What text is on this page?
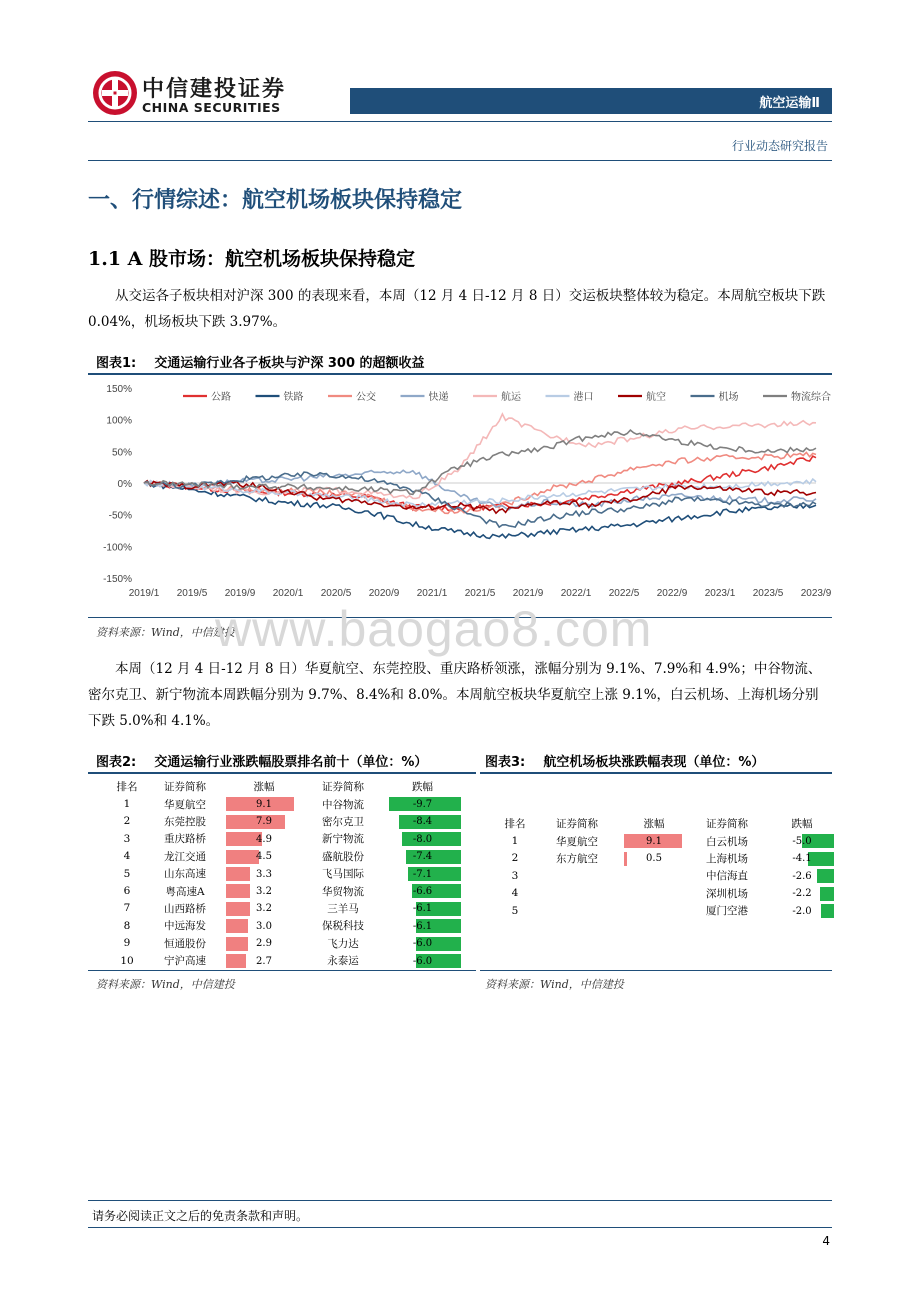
中信建投证券
CHINA SECURITIES	航空运输Ⅱ
行业动态研究报告
一、行情综述：航空机场板块保持稳定
1.1 A 股市场：航空机场板块保持稳定
从交运各子板块相对沪深 300 的表现来看，本周（12 月 4 日-12 月 8 日）交运板块整体较为稳定。本周航空板块下跌 0.04%，机场板块下跌 3.97%。
图表1: 交通运输行业各子板块与沪深 300 的超额收益
150%
100%
50%
0%
-50%
-100%
-150%
2019/1 2019/5 2019/9 2020/1 2020/5 2020/9 2021/1 2021/5 2021/9 2022/1 2022/5 2022/9 2023/1 2023/5 2023/9
公路	铁路	公交	快递	航运	港口	航空	机场	物流综合
资料来源：Wind，中信建投
www.baogao8.com
本周（12 月 4 日-12 月 8 日）华夏航空、东莞控股、重庆路桥领涨，涨幅分别为 9.1%、7.9%和 4.9%；中谷物流、密尔克卫、新宁物流本周跌幅分别为 9.7%、8.4%和 8.0%。本周航空板块华夏航空上涨 9.1%，白云机场、上海机场分别下跌 5.0%和 4.1%。
图表2: 交通运输行业涨跌幅股票排名前十（单位：%）
排名	证券简称	涨幅	证券简称	跌幅
1	华夏航空	9.1	中谷物流	-9.7
2	东莞控股	7.9	密尔克卫	-8.4
3	重庆路桥	4.9	新宁物流	-8.0
4	龙江交通	4.5	盛航股份	-7.4
5	山东高速	3.3	飞马国际	-7.1
6	粤高速A	3.2	华贸物流	-6.6
7	山西路桥	3.2	三羊马	-6.1
8	中远海发	3.0	保税科技	-6.1
9	恒通股份	2.9	飞力达	-6.0
10	宁沪高速	2.7	永泰运	-6.0
资料来源：Wind，中信建投
图表3: 航空机场板块涨跌幅表现（单位：%）
排名	证券简称	涨幅	证券简称	跌幅
1	华夏航空	9.1	白云机场	-5.0
2	东方航空	0.5	上海机场	-4.1
3			中信海直	-2.6
4			深圳机场	-2.2
5			厦门空港	-2.0
资料来源：Wind，中信建投
请务必阅读正文之后的免责条款和声明。
4
